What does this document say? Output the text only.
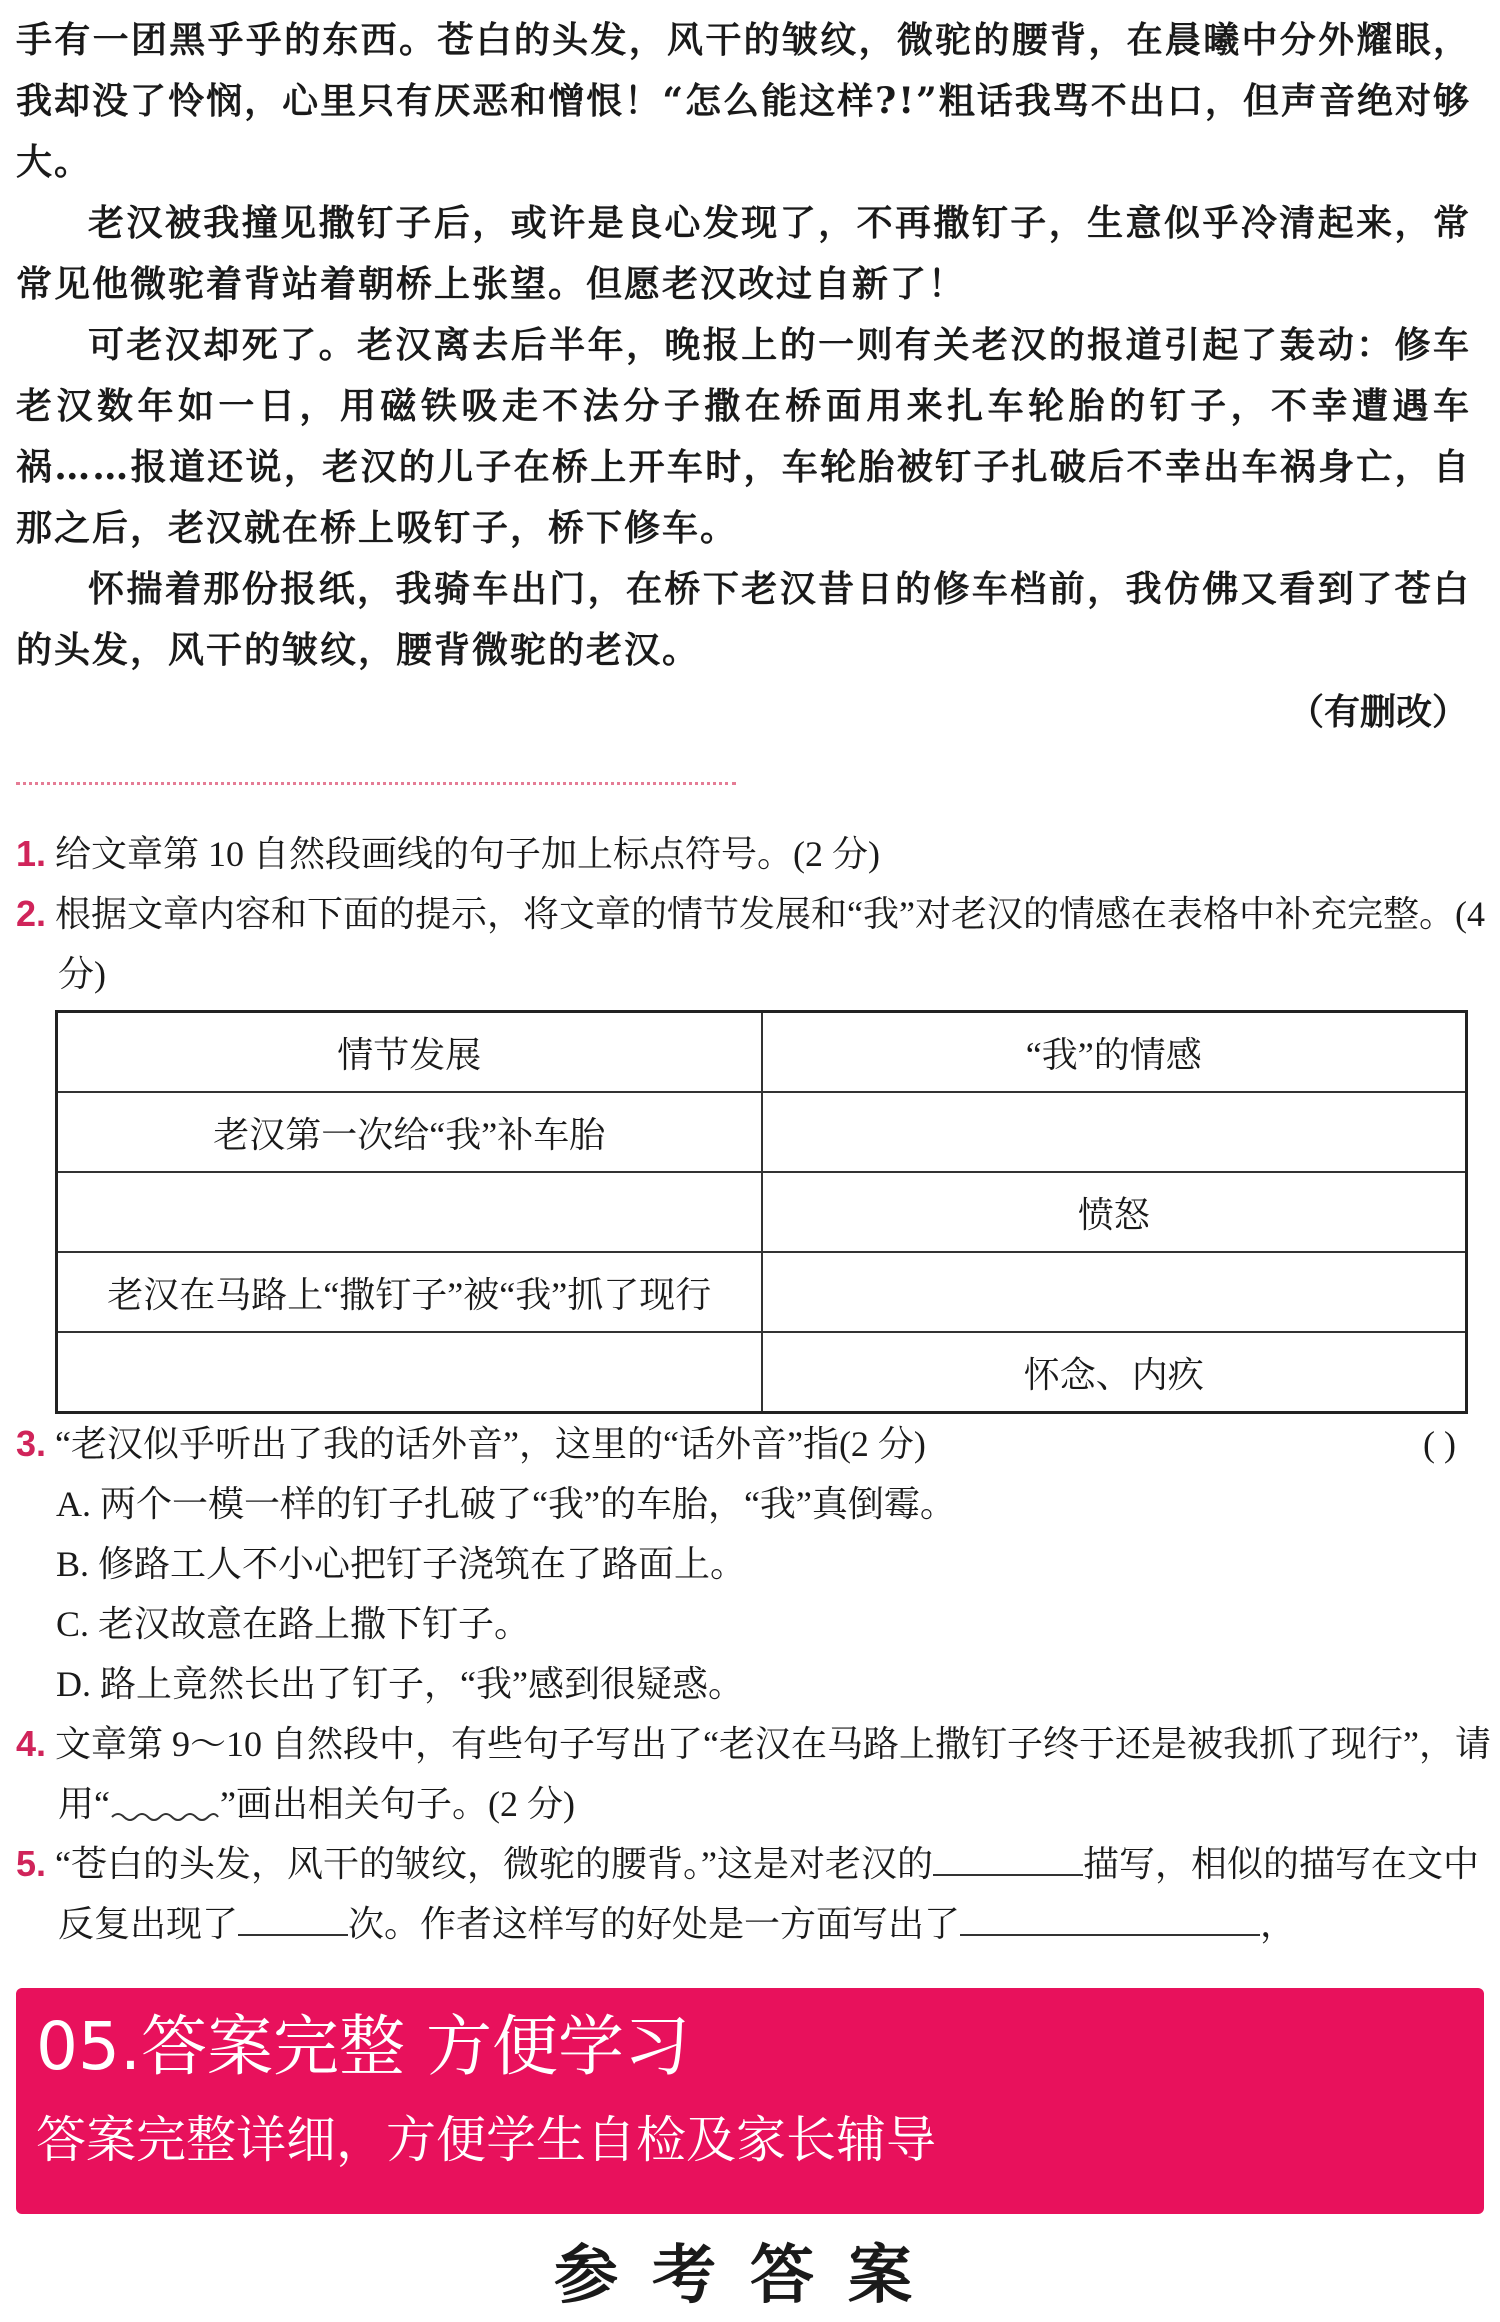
手有一团黑乎乎的东西。苍白的头发，风干的皱纹，微驼的腰背，在晨曦中分外耀眼，我却没了怜悯，心里只有厌恶和憎恨！“怎么能这样?!”粗话我骂不出口，但声音绝对够大。

老汉被我撞见撒钉子后，或许是良心发现了，不再撒钉子，生意似乎冷清起来，常常见他微驼着背站着朝桥上张望。但愿老汉改过自新了！

可老汉却死了。老汉离去后半年，晚报上的一则有关老汉的报道引起了轰动：修车老汉数年如一日，用磁铁吸走不法分子撒在桥面用来扎车轮胎的钉子，不幸遭遇车祸……报道还说，老汉的儿子在桥上开车时，车轮胎被钉子扎破后不幸出车祸身亡，自那之后，老汉就在桥上吸钉子，桥下修车。

怀揣着那份报纸，我骑车出门，在桥下老汉昔日的修车档前，我仿佛又看到了苍白的头发，风干的皱纹，腰背微驼的老汉。

（有删改）
1. 给文章第 10 自然段画线的句子加上标点符号。(2 分)
2. 根据文章内容和下面的提示，将文章的情节发展和“我”对老汉的情感在表格中补充完整。(4 分)
情节发展	“我”的情感
老汉第一次给“我”补车胎	
	愤怒
老汉在马路上“撒钉子”被“我”抓了现行	
	怀念、内疚
3. “老汉似乎听出了我的话外音”，这里的“话外音”指(2 分)	( )
A. 两个一模一样的钉子扎破了“我”的车胎，“我”真倒霉。
B. 修路工人不小心把钉子浇筑在了路面上。
C. 老汉故意在路上撒下钉子。
D. 路上竟然长出了钉子，“我”感到很疑惑。
4. 文章第 9～10 自然段中，有些句子写出了“老汉在马路上撒钉子终于还是被我抓了现行”，请用“	”画出相关句子。(2 分)
5. “苍白的头发，风干的皱纹，微驼的腰背。”这是对老汉的	描写，相似的描写在文中反复出现了	次。作者这样写的好处是一方面写出了	，
05.答案完整 方便学习
答案完整详细，方便学生自检及家长辅导
参考答案
